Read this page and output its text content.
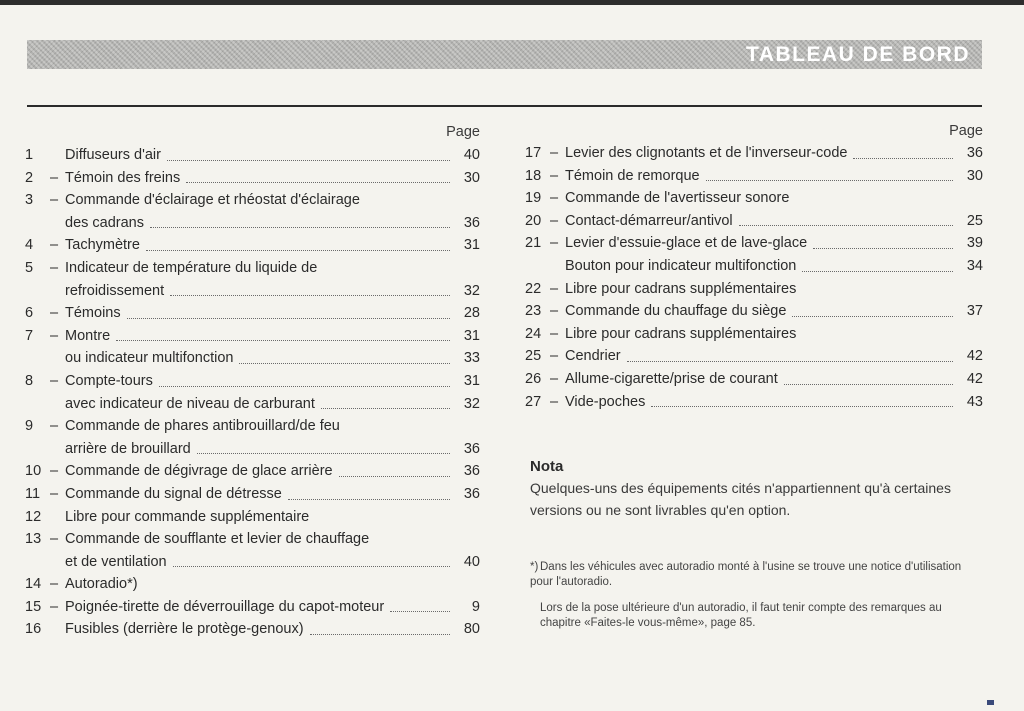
TABLEAU DE BORD
Page
1	Diffuseurs d'air	40
2	– Témoin des freins	30
3	– Commande d'éclairage et rhéostat d'éclairage
des cadrans	36
4	– Tachymètre	31
5	– Indicateur de température du liquide de
refroidissement	32
6	– Témoins	28
7	– Montre	31
ou indicateur multifonction	33
8	– Compte-tours	31
avec indicateur de niveau de carburant	32
9	– Commande de phares antibrouillard/de feu
arrière de brouillard	36
10 – Commande de dégivrage de glace arrière	36
11 – Commande du signal de détresse	36
12	Libre pour commande supplémentaire
13 – Commande de soufflante et levier de chauffage
et de ventilation	40
14 – Autoradio*)
15 – Poignée-tirette de déverrouillage du capot-moteur	9
16	Fusibles (derrière le protège-genoux)	80
Page
17 – Levier des clignotants et de l'inverseur-code	36
18 – Témoin de remorque	30
19 – Commande de l'avertisseur sonore
20 – Contact-démarreur/antivol	25
21 – Levier d'essuie-glace et de lave-glace	39
Bouton pour indicateur multifonction	34
22 – Libre pour cadrans supplémentaires
23 – Commande du chauffage du siège	37
24 – Libre pour cadrans supplémentaires
25 – Cendrier	42
26 – Allume-cigarette/prise de courant	42
27 – Vide-poches	43
Nota
Quelques-uns des équipements cités n'appartiennent qu'à certaines versions ou ne sont livrables qu'en option.

*) Dans les véhicules avec autoradio monté à l'usine se trouve une notice d'utilisation pour l'autoradio.

Lors de la pose ultérieure d'un autoradio, il faut tenir compte des remarques au chapitre «Faites-le vous-même», page 85.
